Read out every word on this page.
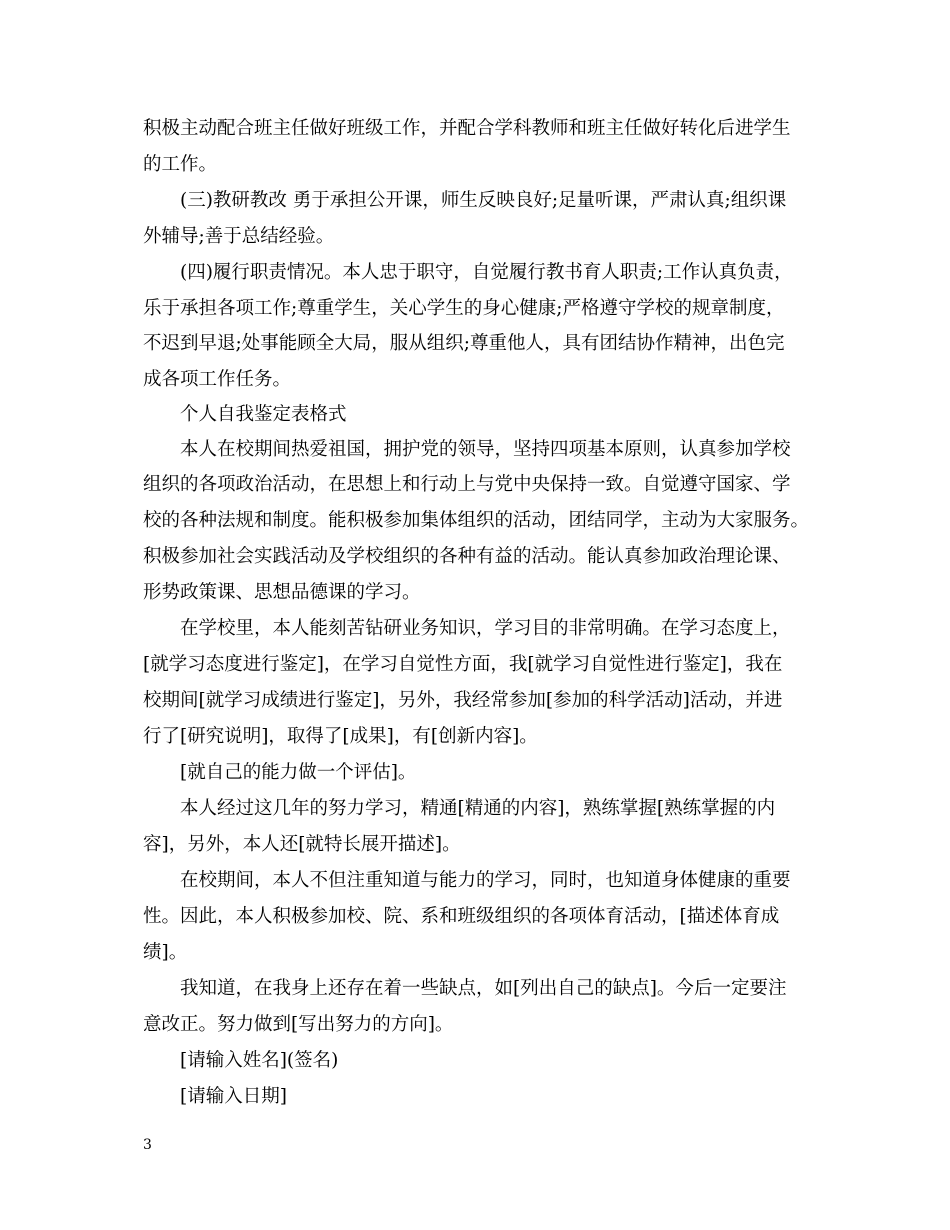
积极主动配合班主任做好班级工作，并配合学科教师和班主任做好转化后进学生
的工作。
(三)教研教改 勇于承担公开课，师生反映良好;足量听课，严肃认真;组织课
外辅导;善于总结经验。
(四)履行职责情况。本人忠于职守，自觉履行教书育人职责;工作认真负责，
乐于承担各项工作;尊重学生，关心学生的身心健康;严格遵守学校的规章制度，
不迟到早退;处事能顾全大局，服从组织;尊重他人，具有团结协作精神，出色完
成各项工作任务。
个人自我鉴定表格式
本人在校期间热爱祖国，拥护党的领导，坚持四项基本原则，认真参加学校
组织的各项政治活动，在思想上和行动上与党中央保持一致。自觉遵守国家、学
校的各种法规和制度。能积极参加集体组织的活动，团结同学，主动为大家服务。
积极参加社会实践活动及学校组织的各种有益的活动。能认真参加政治理论课、
形势政策课、思想品德课的学习。
在学校里，本人能刻苦钻研业务知识，学习目的非常明确。在学习态度上，
[就学习态度进行鉴定]，在学习自觉性方面，我[就学习自觉性进行鉴定]，我在
校期间[就学习成绩进行鉴定]，另外，我经常参加[参加的科学活动]活动，并进
行了[研究说明]，取得了[成果]，有[创新内容]。
[就自己的能力做一个评估]。
本人经过这几年的努力学习，精通[精通的内容]，熟练掌握[熟练掌握的内
容]，另外，本人还[就特长展开描述]。
在校期间，本人不但注重知道与能力的学习，同时，也知道身体健康的重要
性。因此，本人积极参加校、院、系和班级组织的各项体育活动，[描述体育成
绩]。
我知道，在我身上还存在着一些缺点，如[列出自己的缺点]。今后一定要注
意改正。努力做到[写出努力的方向]。
[请输入姓名](签名)
[请输入日期]
3
